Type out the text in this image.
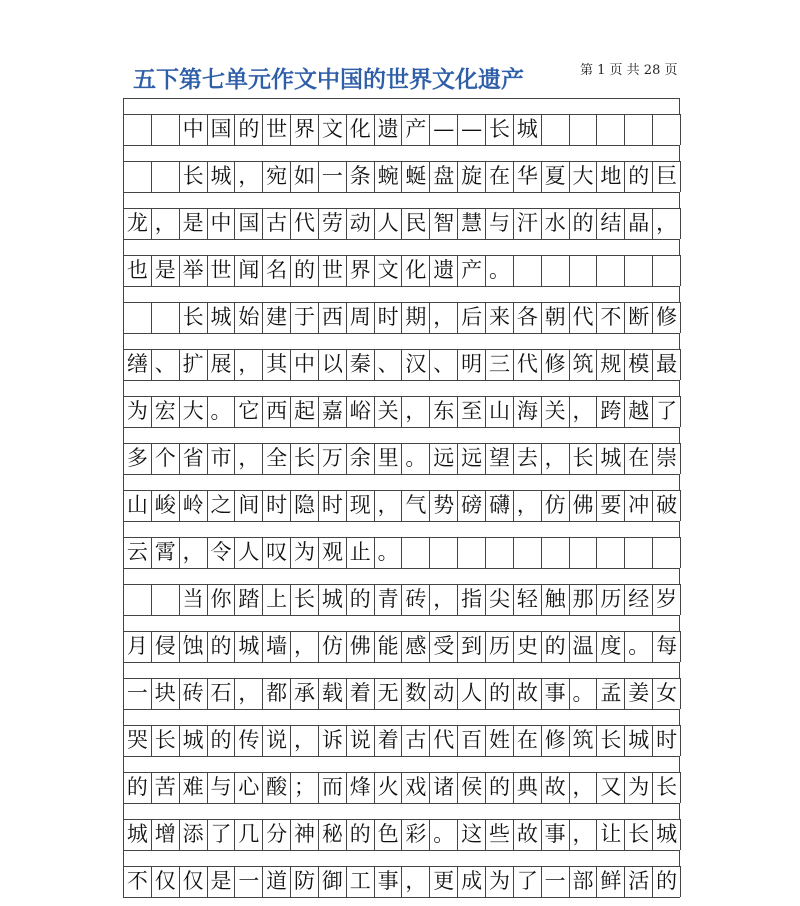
五下第七单元作文中国的世界文化遗产	第 1 页 共 28 页
中 国 的 世 界 文 化 遗 产 — — 长 城
长 城 ， 宛 如 一 条 蜿 蜒 盘 旋 在 华 夏 大 地 的 巨
龙 ， 是 中 国 古 代 劳 动 人 民 智 慧 与 汗 水 的 结 晶 ，
也 是 举 世 闻 名 的 世 界 文 化 遗 产 。
长 城 始 建 于 西 周 时 期 ， 后 来 各 朝 代 不 断 修
缮 、 扩 展 ， 其 中 以 秦 、 汉 、 明 三 代 修 筑 规 模 最
为 宏 大 。 它 西 起 嘉 峪 关 ， 东 至 山 海 关 ， 跨 越 了
多 个 省 市 ， 全 长 万 余 里 。 远 远 望 去 ， 长 城 在 崇
山 峻 岭 之 间 时 隐 时 现 ， 气 势 磅 礴 ， 仿 佛 要 冲 破
云 霄 ， 令 人 叹 为 观 止 。
当 你 踏 上 长 城 的 青 砖 ， 指 尖 轻 触 那 历 经 岁
月 侵 蚀 的 城 墙 ， 仿 佛 能 感 受 到 历 史 的 温 度 。 每
一 块 砖 石 ， 都 承 载 着 无 数 动 人 的 故 事 。 孟 姜 女
哭 长 城 的 传 说 ， 诉 说 着 古 代 百 姓 在 修 筑 长 城 时
的 苦 难 与 心 酸 ； 而 烽 火 戏 诸 侯 的 典 故 ， 又 为 长
城 增 添 了 几 分 神 秘 的 色 彩 。 这 些 故 事 ， 让 长 城
不 仅 仅 是 一 道 防 御 工 事 ， 更 成 为 了 一 部 鲜 活 的
